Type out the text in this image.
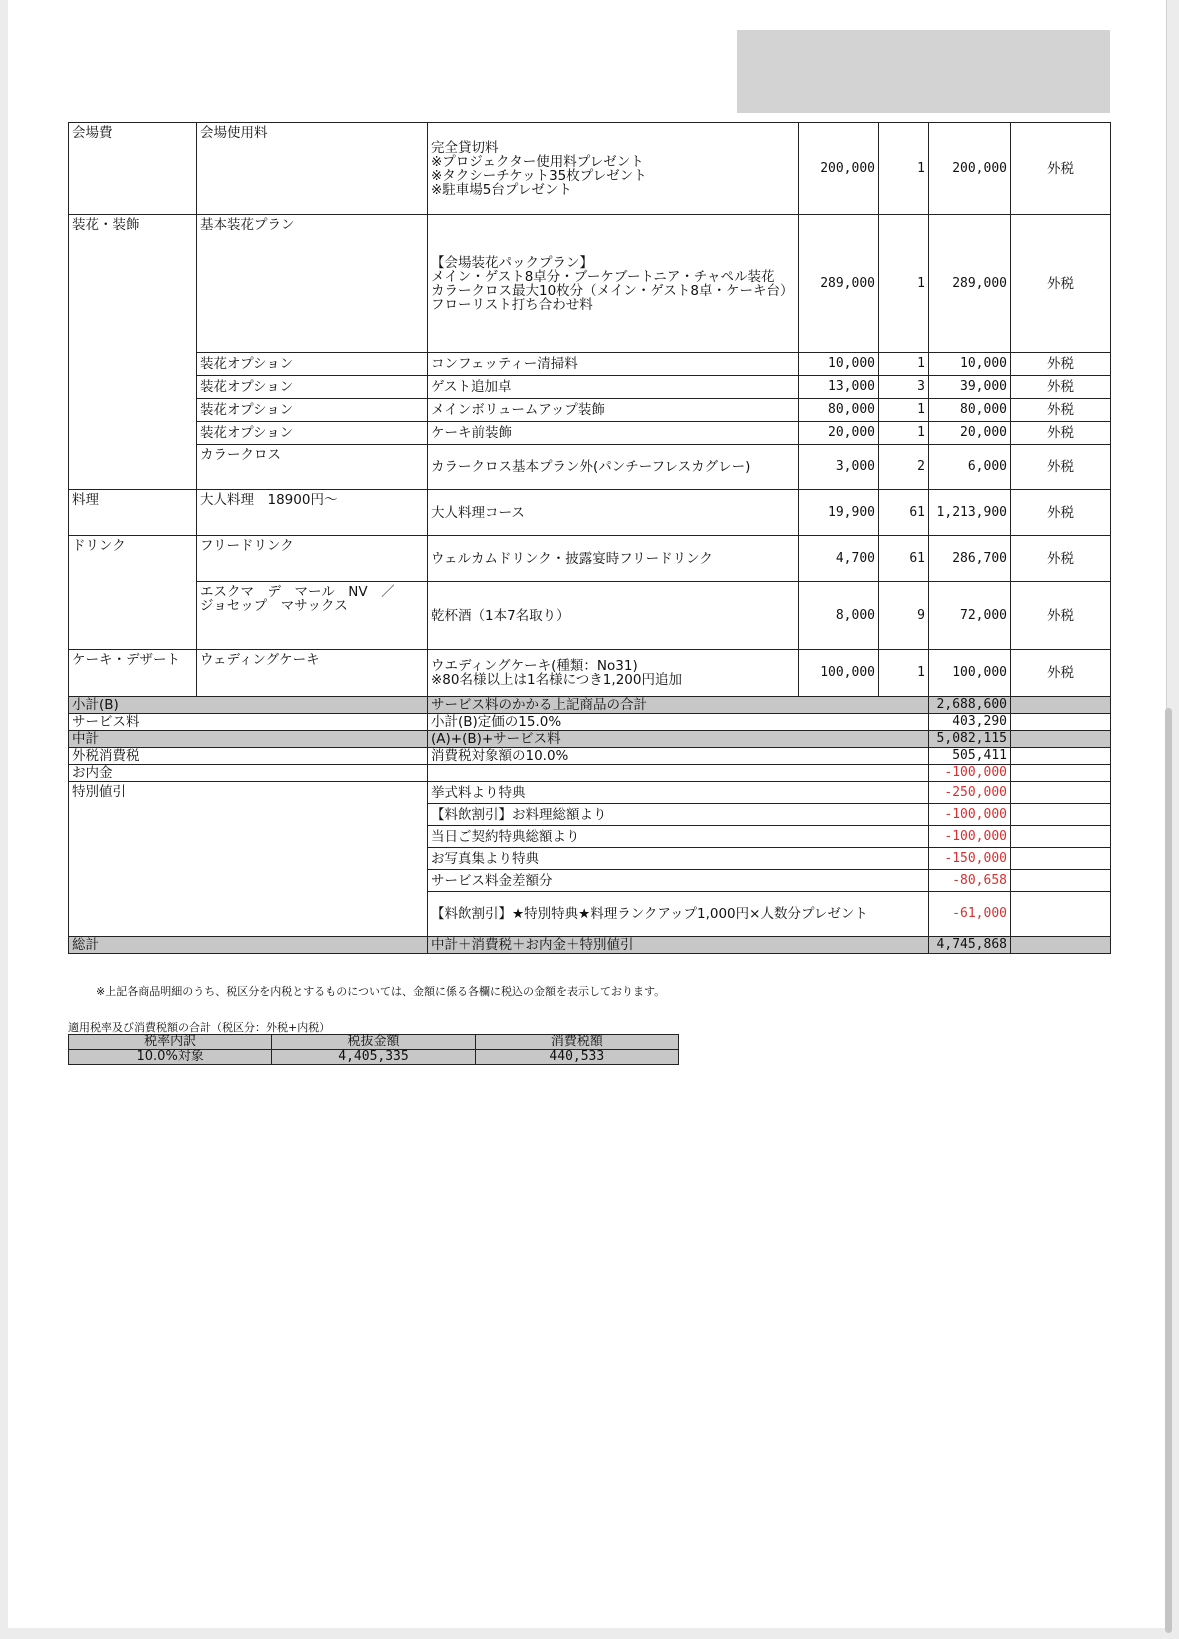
会場費	会場使用料	完全貸切料
※プロジェクター使用料プレゼント
※タクシーチケット35枚プレゼント
※駐車場5台プレゼント	200,000	1	200,000	外税
装花・装飾	基本装花プラン	【会場装花パックプラン】
メイン・ゲスト8卓分・ブーケブートニア・チャペル装花
カラークロス最大10枚分（メイン・ゲスト8卓・ケーキ台）
フローリスト打ち合わせ料	289,000	1	289,000	外税
	装花オプション	コンフェッティー清掃料	10,000	1	10,000	外税
	装花オプション	ゲスト追加卓	13,000	3	39,000	外税
	装花オプション	メインボリュームアップ装飾	80,000	1	80,000	外税
	装花オプション	ケーキ前装飾	20,000	1	20,000	外税
	カラークロス	カラークロス基本プラン外(パンチーフレスカグレー)	3,000	2	6,000	外税
料理	大人料理　18900円～	大人料理コース	19,900	61	1,213,900	外税
ドリンク	フリードリンク	ウェルカムドリンク・披露宴時フリードリンク	4,700	61	286,700	外税
	エスクマ　デ　マール　NV　／
ジョセップ　マサックス	乾杯酒（1本7名取り）	8,000	9	72,000	外税
ケーキ・デザート	ウェディングケーキ	ウエディングケーキ(種類：No31)
※80名様以上は1名様につき1,200円追加	100,000	1	100,000	外税
小計(B)		サービス料のかかる上記商品の合計			2,688,600	
サービス料		小計(B)定価の15.0%			403,290	
中計		(A)+(B)+サービス料			5,082,115	
外税消費税		消費税対象額の10.0%			505,411	
お内金					-100,000	
特別値引		挙式料より特典			-250,000	
		【料飲割引】お料理総額より			-100,000	
		当日ご契約特典総額より			-100,000	
		お写真集より特典			-150,000	
		サービス料金差額分			-80,658	
		【料飲割引】★特別特典★料理ランクアップ1,000円×人数分プレゼント			-61,000	
総計		中計＋消費税＋お内金＋特別値引			4,745,868	
※上記各商品明細のうち、税区分を内税とするものについては、金額に係る各欄に税込の金額を表示しております。
適用税率及び消費税額の合計（税区分：外税+内税）
税率内訳	税抜金額	消費税額
10.0%対象	4,405,335	440,533
